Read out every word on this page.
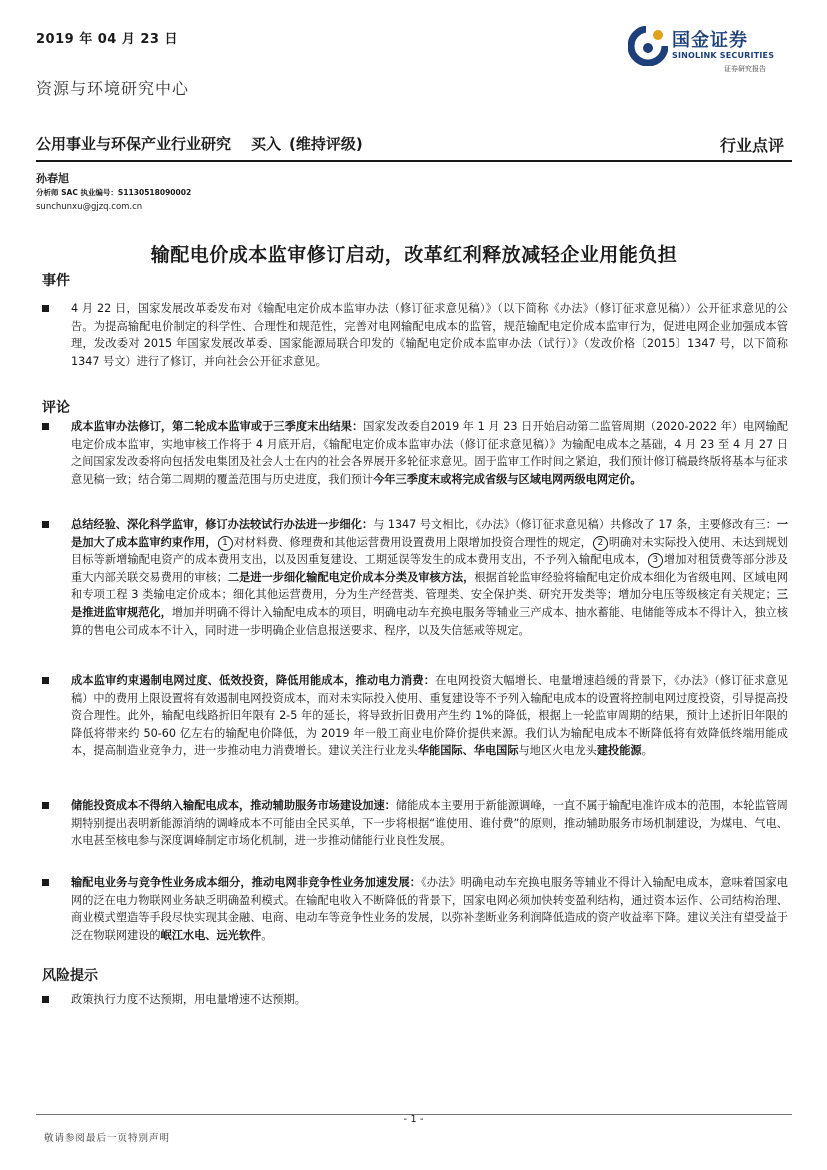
2019 年 04 月 23 日
资源与环境研究中心
国金证券
SINOLINK SECURITIES
证券研究报告
公用事业与环保产业行业研究 买入 (维持评级)	行业点评
孙春旭
分析师 SAC 执业编号：S1130518090002
sunchunxu@gjzq.com.cn
输配电价成本监审修订启动，改革红利释放减轻企业用能负担
事件
4 月 22 日，国家发展改革委发布对《输配电定价成本监审办法（修订征求意见稿）》（以下简称《办法》（修订征求意见稿））公开征求意见的公告。为提高输配电价制定的科学性、合理性和规范性，完善对电网输配电成本的监管，规范输配电定价成本监审行为，促进电网企业加强成本管理，发改委对 2015 年国家发展改革委、国家能源局联合印发的《输配电定价成本监审办法（试行）》（发改价格〔2015〕1347 号，以下简称 1347 号文）进行了修订，并向社会公开征求意见。
评论
成本监审办法修订，第二轮成本监审或于三季度末出结果：国家发改委自2019 年 1 月 23 日开始启动第二监管周期（2020-2022 年）电网输配电定价成本监审，实地审核工作将于 4 月底开启，《输配电定价成本监审办法（修订征求意见稿）》为输配电成本之基础，4 月 23 至 4 月 27 日之间国家发改委将向包括发电集团及社会人士在内的社会各界展开多轮征求意见。固于监审工作时间之紧迫，我们预计修订稿最终版将基本与征求意见稿一致；结合第二周期的覆盖范围与历史进度，我们预计今年三季度末或将完成省级与区域电网两级电网定价。
总结经验、深化科学监审，修订办法较试行办法进一步细化：与 1347 号文相比，《办法》（修订征求意见稿）共修改了 17 条，主要修改有三：一是加大了成本监审约束作用， 1 对材料费、修理费和其他运营费用设置费用上限增加投资合理性的规定， 2 明确对未实际投入使用、未达到规划目标等新增输配电资产的成本费用支出，以及因重复建设、工期延误等发生的成本费用支出，不予列入输配电成本， 3 增加对租赁费等部分涉及重大内部关联交易费用的审核；二是进一步细化输配电定价成本分类及审核方法，根据首轮监审经验将输配电定价成本细化为省级电网、区域电网和专项工程 3 类输电定价成本；细化其他运营费用，分为生产经营类、管理类、安全保护类、研究开发类等；增加分电压等级核定有关规定；三是推进监审规范化，增加并明确不得计入输配电成本的项目，明确电动车充换电服务等辅业三产成本、抽水蓄能、电储能等成本不得计入，独立核算的售电公司成本不计入，同时进一步明确企业信息报送要求、程序，以及失信惩戒等规定。
成本监审约束遏制电网过度、低效投资，降低用能成本，推动电力消费：在电网投资大幅增长、电量增速趋缓的背景下，《办法》（修订征求意见稿）中的费用上限设置将有效遏制电网投资成本，而对未实际投入使用、重复建设等不予列入输配电成本的设置将控制电网过度投资，引导提高投资合理性。此外，输配电线路折旧年限有 2-5 年的延长，将导致折旧费用产生约 1%的降低，根据上一轮监审周期的结果，预计上述折旧年限的降低将带来约 50-60 亿左右的输配电价降低，为 2019 年一般工商业电价降价提供来源。我们认为输配电成本不断降低将有效降低终端用能成本，提高制造业竞争力，进一步推动电力消费增长。建议关注行业龙头华能国际、华电国际与地区火电龙头建投能源。
储能投资成本不得纳入输配电成本，推动辅助服务市场建设加速：储能成本主要用于新能源调峰，一直不属于输配电准许成本的范围，本轮监管周期特别提出表明新能源消纳的调峰成本不可能由全民买单，下一步将根据“谁使用、谁付费”的原则，推动辅助服务市场机制建设，为煤电、气电、水电甚至核电参与深度调峰制定市场化机制，进一步推动储能行业良性发展。
输配电业务与竞争性业务成本细分，推动电网非竞争性业务加速发展：《办法》明确电动车充换电服务等辅业不得计入输配电成本，意味着国家电网的泛在电力物联网业务缺乏明确盈利模式。在输配电收入不断降低的背景下，国家电网必须加快转变盈利结构，通过资本运作、公司结构治理、商业模式塑造等手段尽快实现其金融、电商、电动车等竞争性业务的发展，以弥补垄断业务利润降低造成的资产收益率下降。建议关注有望受益于泛在物联网建设的岷江水电、远光软件。
风险提示
政策执行力度不达预期，用电量增速不达预期。
- 1 -
敬请参阅最后一页特别声明
